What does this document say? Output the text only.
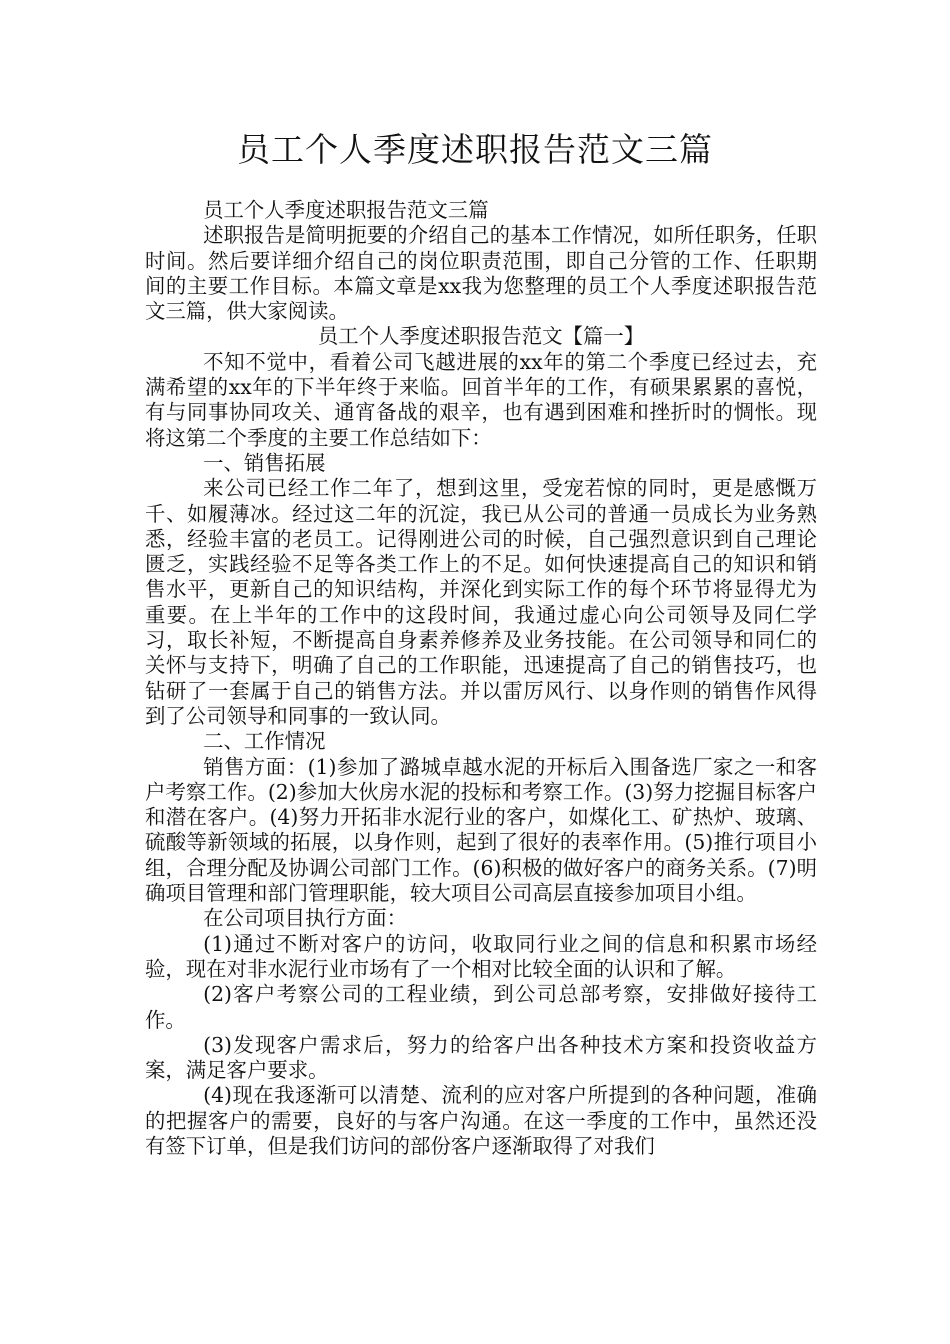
员工个人季度述职报告范文三篇

员工个人季度述职报告范文三篇

述职报告是简明扼要的介绍自己的基本工作情况，如所任职务，任职时间。然后要详细介绍自己的岗位职责范围，即自己分管的工作、任职期间的主要工作目标。本篇文章是xx我为您整理的员工个人季度述职报告范文三篇，供大家阅读。

员工个人季度述职报告范文【篇一】

不知不觉中，看着公司飞越进展的xx年的第二个季度已经过去，充满希望的xx年的下半年终于来临。回首半年的工作，有硕果累累的喜悦，有与同事协同攻关、通宵备战的艰辛，也有遇到困难和挫折时的惆怅。现将这第二个季度的主要工作总结如下：

一、销售拓展

来公司已经工作二年了，想到这里，受宠若惊的同时，更是感慨万千、如履薄冰。经过这二年的沉淀，我已从公司的普通一员成长为业务熟悉，经验丰富的老员工。记得刚进公司的时候，自己强烈意识到自己理论匮乏，实践经验不足等各类工作上的不足。如何快速提高自己的知识和销售水平，更新自己的知识结构，并深化到实际工作的每个环节将显得尤为重要。在上半年的工作中的这段时间，我通过虚心向公司领导及同仁学习，取长补短，不断提高自身素养修养及业务技能。在公司领导和同仁的关怀与支持下，明确了自己的工作职能，迅速提高了自己的销售技巧，也钻研了一套属于自己的销售方法。并以雷厉风行、以身作则的销售作风得到了公司领导和同事的一致认同。

二、工作情况

销售方面：(1)参加了潞城卓越水泥的开标后入围备选厂家之一和客户考察工作。(2)参加大伙房水泥的投标和考察工作。(3)努力挖掘目标客户和潜在客户。(4)努力开拓非水泥行业的客户，如煤化工、矿热炉、玻璃、硫酸等新领域的拓展，以身作则，起到了很好的表率作用。(5)推行项目小组，合理分配及协调公司部门工作。(6)积极的做好客户的商务关系。(7)明确项目管理和部门管理职能，较大项目公司高层直接参加项目小组。

在公司项目执行方面：

(1)通过不断对客户的访问，收取同行业之间的信息和积累市场经验，现在对非水泥行业市场有了一个相对比较全面的认识和了解。

(2)客户考察公司的工程业绩，到公司总部考察，安排做好接待工作。

(3)发现客户需求后，努力的给客户出各种技术方案和投资收益方案，满足客户要求。

(4)现在我逐渐可以清楚、流利的应对客户所提到的各种问题，准确的把握客户的需要，良好的与客户沟通。在这一季度的工作中，虽然还没有签下订单，但是我们访问的部份客户逐渐取得了对我们
